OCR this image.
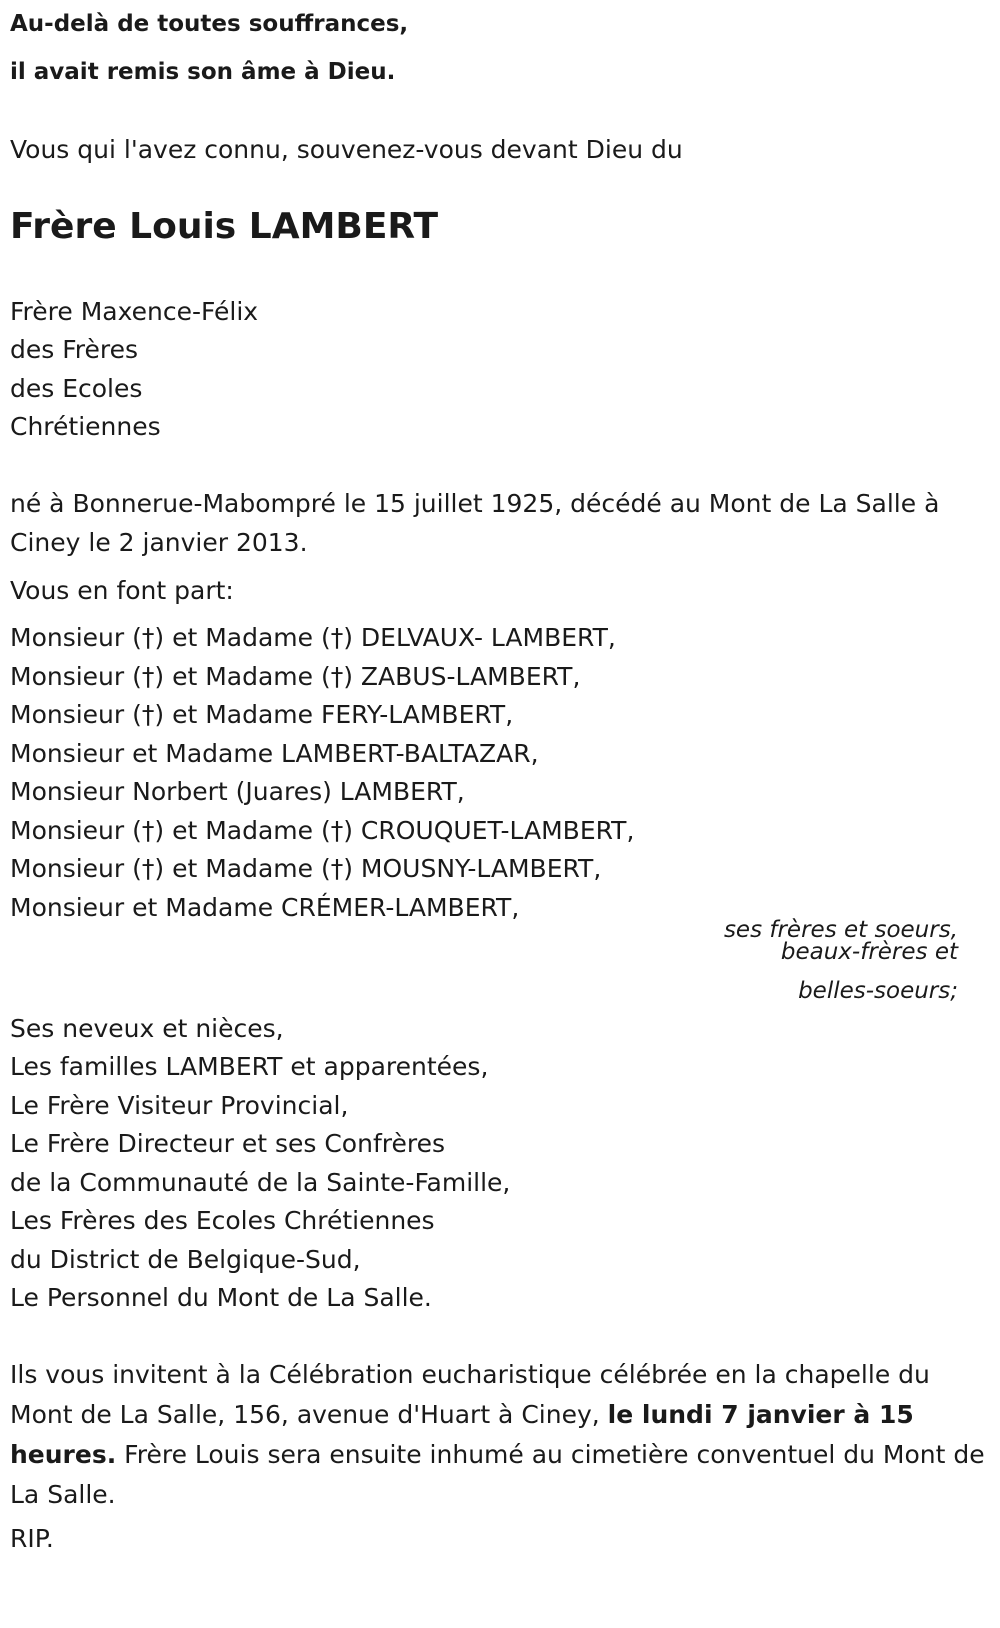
Au-delà de toutes souffrances,

il avait remis son âme à Dieu.

Vous qui l'avez connu, souvenez-vous devant Dieu du

Frère Louis LAMBERT

Frère Maxence-Félix

des Frères

des Ecoles

Chrétiennes

né à Bonnerue-Mabompré le 15 juillet 1925, décédé au Mont de La Salle à

Ciney le 2 janvier 2013.

Vous en font part:

Monsieur (†) et Madame (†) DELVAUX- LAMBERT,

Monsieur (†) et Madame (†) ZABUS-LAMBERT,

Monsieur (†) et Madame FERY-LAMBERT,

Monsieur et Madame LAMBERT-BALTAZAR,

Monsieur Norbert (Juares) LAMBERT,

Monsieur (†) et Madame (†) CROUQUET-LAMBERT,

Monsieur (†) et Madame (†) MOUSNY-LAMBERT,

Monsieur et Madame CRÉMER-LAMBERT,

ses frères et soeurs,
beaux-frères et
belles-soeurs;

Ses neveux et nièces,

Les familles LAMBERT et apparentées,

Le Frère Visiteur Provincial,

Le Frère Directeur et ses Confrères

de la Communauté de la Sainte-Famille,

Les Frères des Ecoles Chrétiennes

du District de Belgique-Sud,

Le Personnel du Mont de La Salle.

Ils vous invitent à la Célébration eucharistique célébrée en la chapelle du Mont de La Salle, 156, avenue d'Huart à Ciney, le lundi 7 janvier à 15 heures. Frère Louis sera ensuite inhumé au cimetière conventuel du Mont de La Salle.

RIP.
